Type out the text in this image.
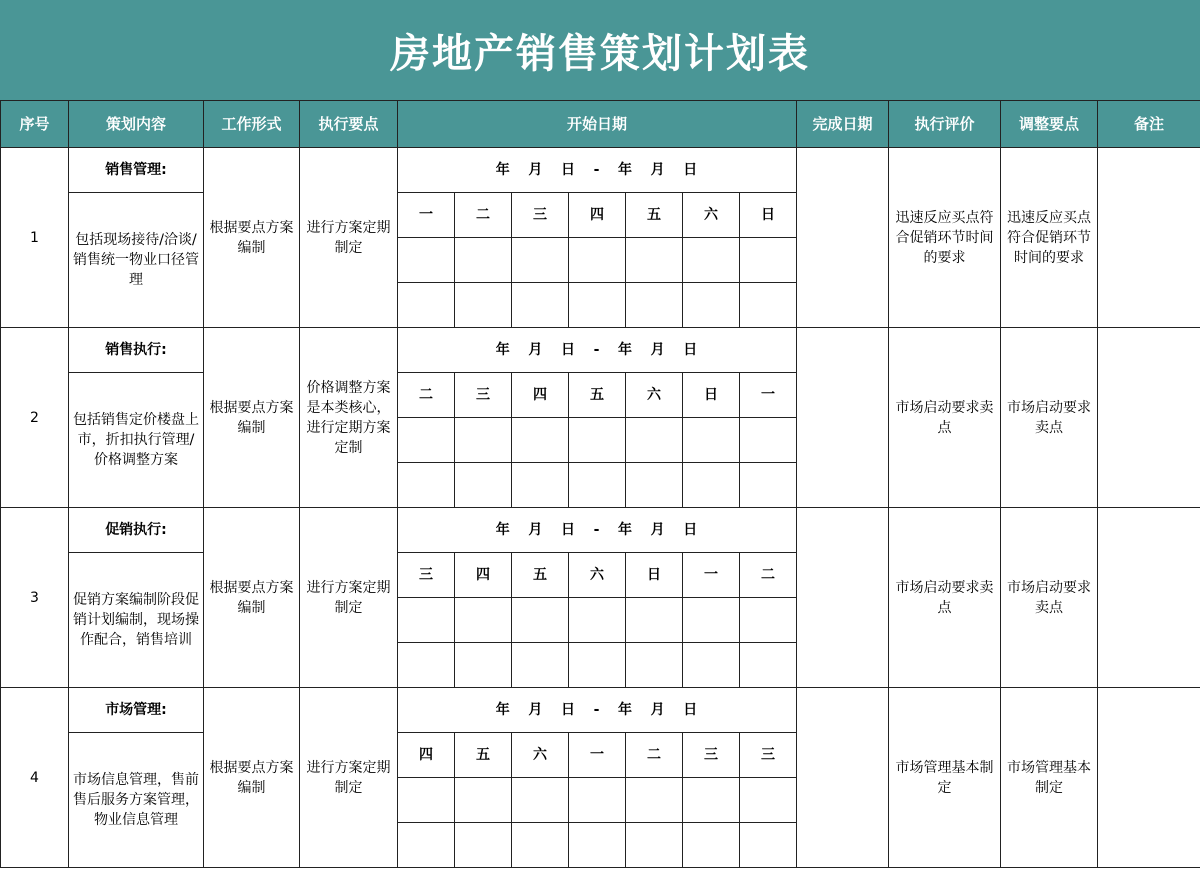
房地产销售策划计划表
序号	策划内容	工作形式	执行要点	开始日期							完成日期	执行评价	调整要点	备注
1	销售管理:	根据要点方案编制	进行方案定期制定	年   月   日   -   年   月   日								迅速反应买点符合促销环节时间的要求	迅速反应买点符合促销环节时间的要求	
	包括现场接待/洽谈/销售统一物业口径管理			一	二	三	四	五	六	日				

2	销售执行:	根据要点方案编制	价格调整方案是本类核心，进行定期方案定制	年   月   日   -   年   月   日								市场启动要求卖点	市场启动要求卖点	
	包括销售定价楼盘上市，折扣执行管理/价格调整方案			二	三	四	五	六	日	一				

3	促销执行:	根据要点方案编制	进行方案定期制定	年   月   日   -   年   月   日								市场启动要求卖点	市场启动要求卖点	
	促销方案编制阶段促销计划编制，现场操作配合，销售培训			三	四	五	六	日	一	二				

4	市场管理:	根据要点方案编制	进行方案定期制定	年   月   日   -   年   月   日								市场管理基本制定	市场管理基本制定	
	市场信息管理，售前售后服务方案管理，物业信息管理			四	五	六	一	二	三	三				
